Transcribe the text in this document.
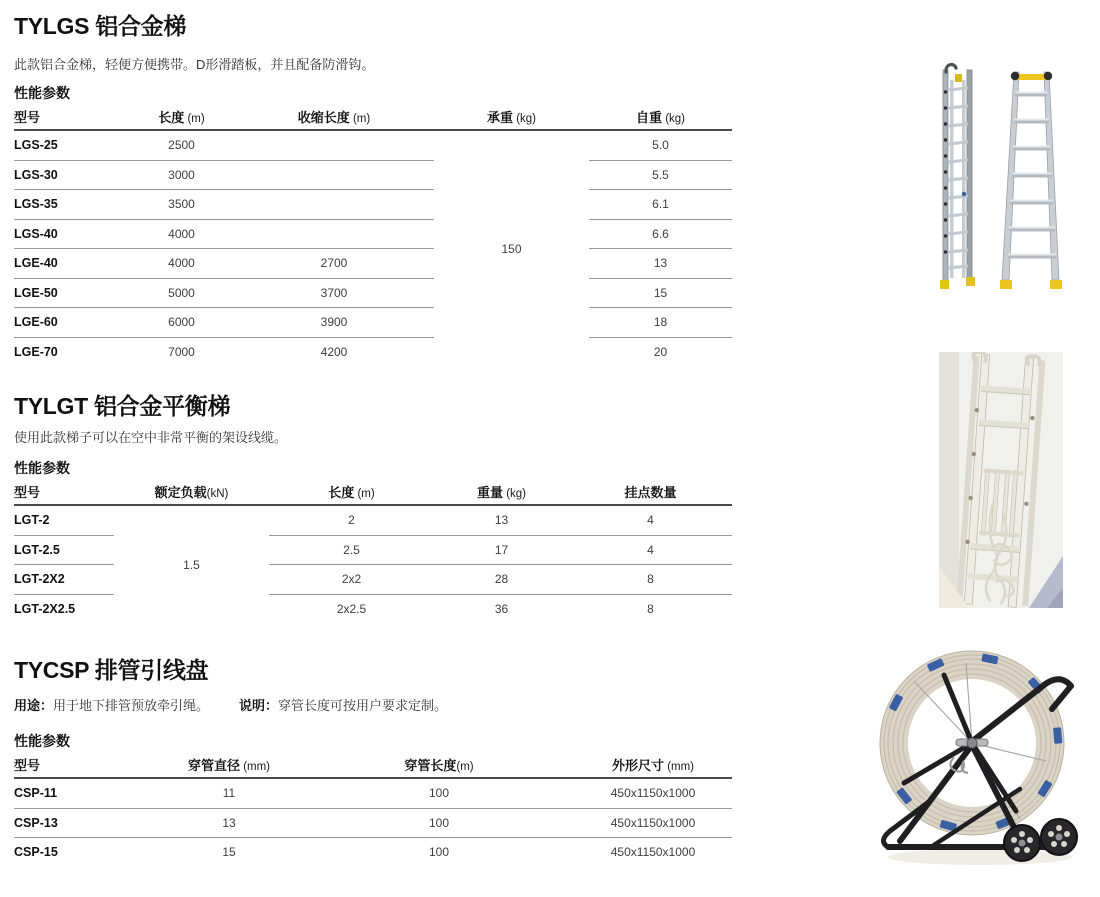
TYLGS 铝合金梯

此款铝合金梯，轻便方便携带。D形滑踏板，并且配备防滑钩。

性能参数
型号	长度 (m)	收缩长度 (m)	承重 (kg)	自重 (kg)
LGS-25	2500		150	5.0
LGS-30	3000			5.5
LGS-35	3500			6.1
LGS-40	4000			6.6
LGE-40	4000	2700		13
LGE-50	5000	3700		15
LGE-60	6000	3900		18
LGE-70	7000	4200		20
TYLGT 铝合金平衡梯

使用此款梯子可以在空中非常平衡的架设线缆。

性能参数
型号	额定负载(kN)	长度 (m)	重量 (kg)	挂点数量
LGT-2	1.5	2	13	4
LGT-2.5		2.5	17	4
LGT-2X2		2x2	28	8
LGT-2X2.5		2x2.5	36	8
TYCSP 排管引线盘

用途：用于地下排管预放牵引绳。 说明：穿管长度可按用户要求定制。

性能参数
型号	穿管直径 (mm)	穿管长度(m)	外形尺寸 (mm)
CSP-11	11	100	450x1150x1000
CSP-13	13	100	450x1150x1000
CSP-15	15	100	450x1150x1000
